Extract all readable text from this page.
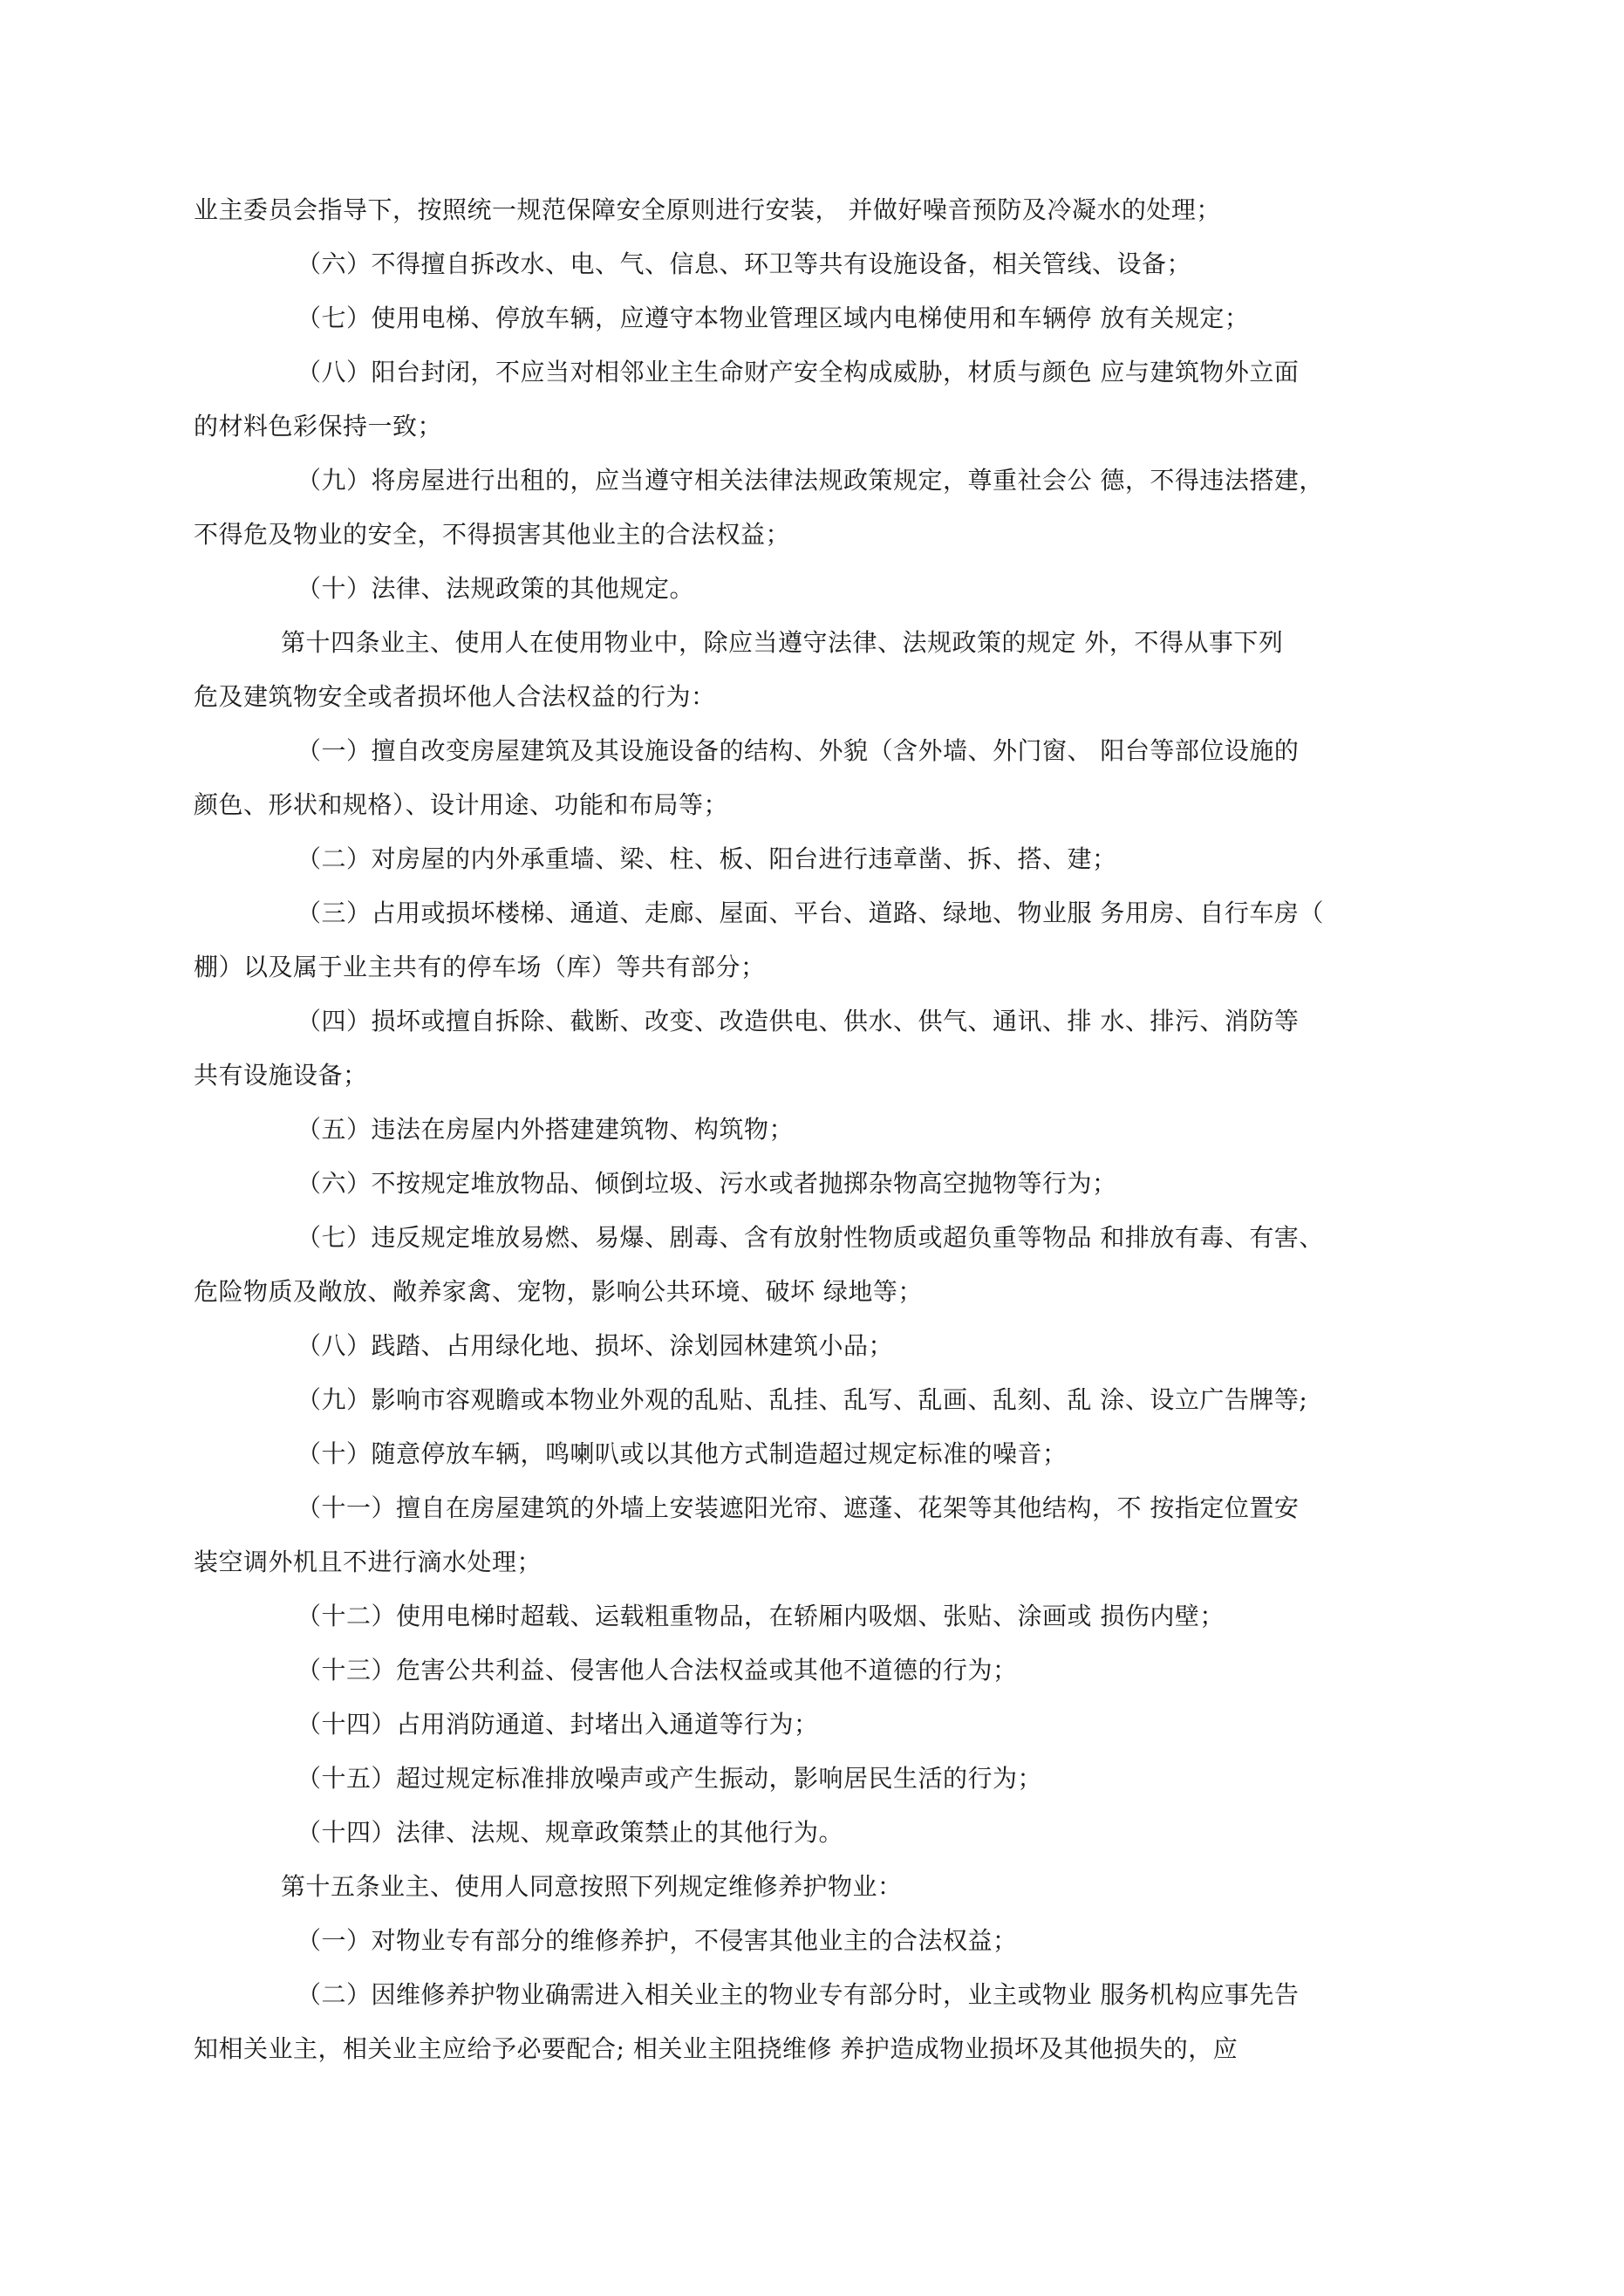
业主委员会指导下，按照统一规范保障安全原则进行安装， 并做好噪音预防及冷凝水的处理；
（六）不得擅自拆改水、电、气、信息、环卫等共有设施设备，相关管线、设备；
（七）使用电梯、停放车辆，应遵守本物业管理区域内电梯使用和车辆停 放有关规定；
（八）阳台封闭，不应当对相邻业主生命财产安全构成威胁，材质与颜色 应与建筑物外立面
的材料色彩保持一致；
（九）将房屋进行出租的，应当遵守相关法律法规政策规定，尊重社会公 德，不得违法搭建，
不得危及物业的安全，不得损害其他业主的合法权益；
（十）法律、法规政策的其他规定。
第十四条业主、使用人在使用物业中，除应当遵守法律、法规政策的规定 外，不得从事下列
危及建筑物安全或者损坏他人合法权益的行为：
（一）擅自改变房屋建筑及其设施设备的结构、外貌（含外墙、外门窗、 阳台等部位设施的
颜色、形状和规格）、设计用途、功能和布局等；
（二）对房屋的内外承重墙、梁、柱、板、阳台进行违章凿、拆、搭、建；
（三）占用或损坏楼梯、通道、走廊、屋面、平台、道路、绿地、物业服 务用房、自行车房（
棚）以及属于业主共有的停车场（库）等共有部分；
（四）损坏或擅自拆除、截断、改变、改造供电、供水、供气、通讯、排 水、排污、消防等
共有设施设备；
（五）违法在房屋内外搭建建筑物、构筑物；
（六）不按规定堆放物品、倾倒垃圾、污水或者抛掷杂物高空抛物等行为；
（七）违反规定堆放易燃、易爆、剧毒、含有放射性物质或超负重等物品 和排放有毒、有害、
危险物质及敞放、敞养家禽、宠物，影响公共环境、破坏 绿地等；
（八）践踏、占用绿化地、损坏、涂划园林建筑小品；
（九）影响市容观瞻或本物业外观的乱贴、乱挂、乱写、乱画、乱刻、乱 涂、设立广告牌等;
（十）随意停放车辆，鸣喇叭或以其他方式制造超过规定标准的噪音；
（十一）擅自在房屋建筑的外墙上安装遮阳光帘、遮蓬、花架等其他结构，不 按指定位置安
装空调外机且不进行滴水处理；
（十二）使用电梯时超载、运载粗重物品，在轿厢内吸烟、张贴、涂画或 损伤内壁；
（十三）危害公共利益、侵害他人合法权益或其他不道德的行为；
（十四）占用消防通道、封堵出入通道等行为；
（十五）超过规定标准排放噪声或产生振动，影响居民生活的行为；
（十四）法律、法规、规章政策禁止的其他行为。
第十五条业主、使用人同意按照下列规定维修养护物业：
（一）对物业专有部分的维修养护，不侵害其他业主的合法权益；
（二）因维修养护物业确需进入相关业主的物业专有部分时，业主或物业 服务机构应事先告
知相关业主，相关业主应给予必要配合; 相关业主阻挠维修 养护造成物业损坏及其他损失的，应
